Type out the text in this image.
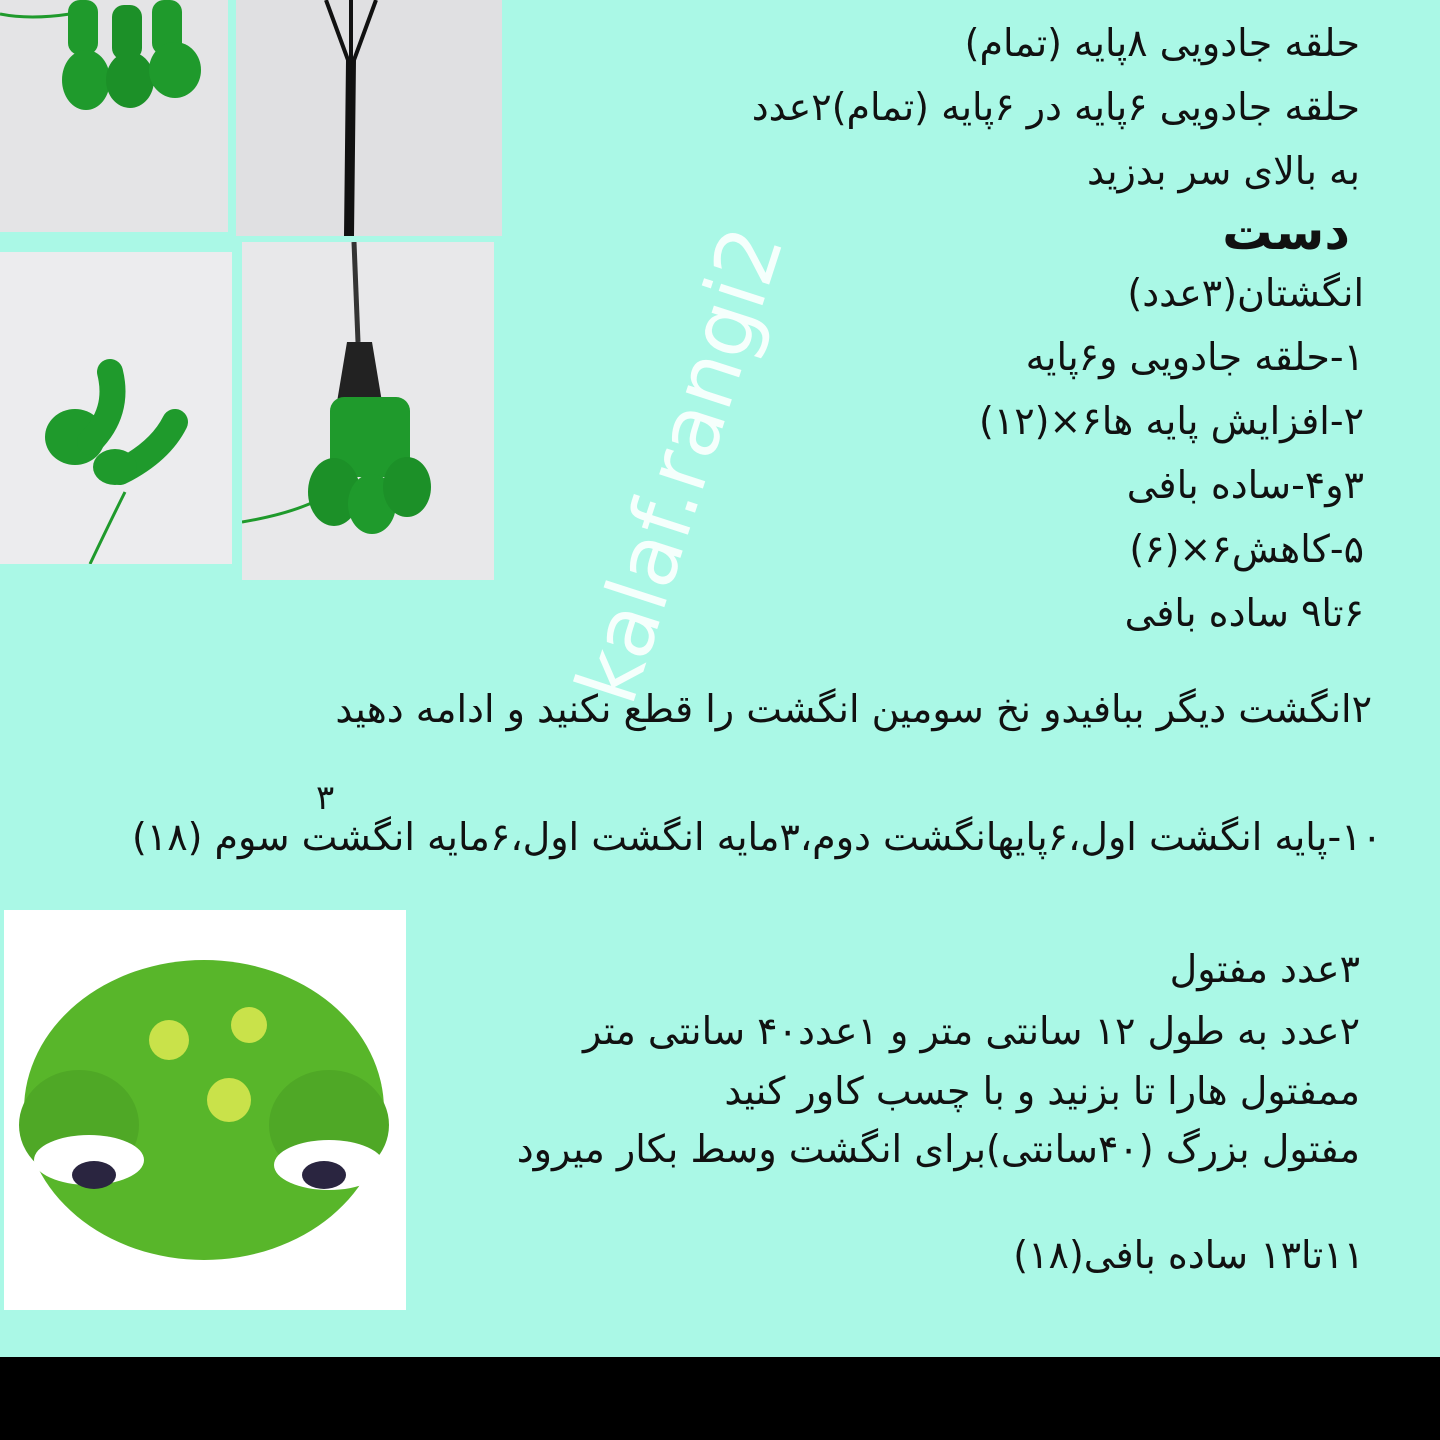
kalaf.rangi2
حلقه جادویی ۸پایه (تمام)
حلقه جادویی ۶پایه در ۶پایه (تمام)۲عدد
به بالای سر بدزید
دست
انگشتان(۳عدد)
۱-حلقه جادویی و۶پایه
۲-افزایش پایه ها۶×(۱۲)
۳و۴-ساده بافی
۵-کاهش۶×(۶)
۶تا۹ ساده بافی
۲انگشت دیگر ببافیدو نخ سومین انگشت را قطع نکنید و ادامه دهید
۳
۱۰-پایه انگشت اول،۶پایهانگشت دوم،۳مایه انگشت اول،۶مایه انگشت سوم (۱۸)
۳عدد مفتول
۲عدد به طول ۱۲ سانتی متر و ۱عدد۴۰ سانتی متر
ممفتول هارا تا بزنید و با چسب کاور کنید
مفتول بزرگ (۴۰سانتی)برای انگشت وسط بکار میرود
۱۱تا۱۳ ساده بافی(۱۸)
